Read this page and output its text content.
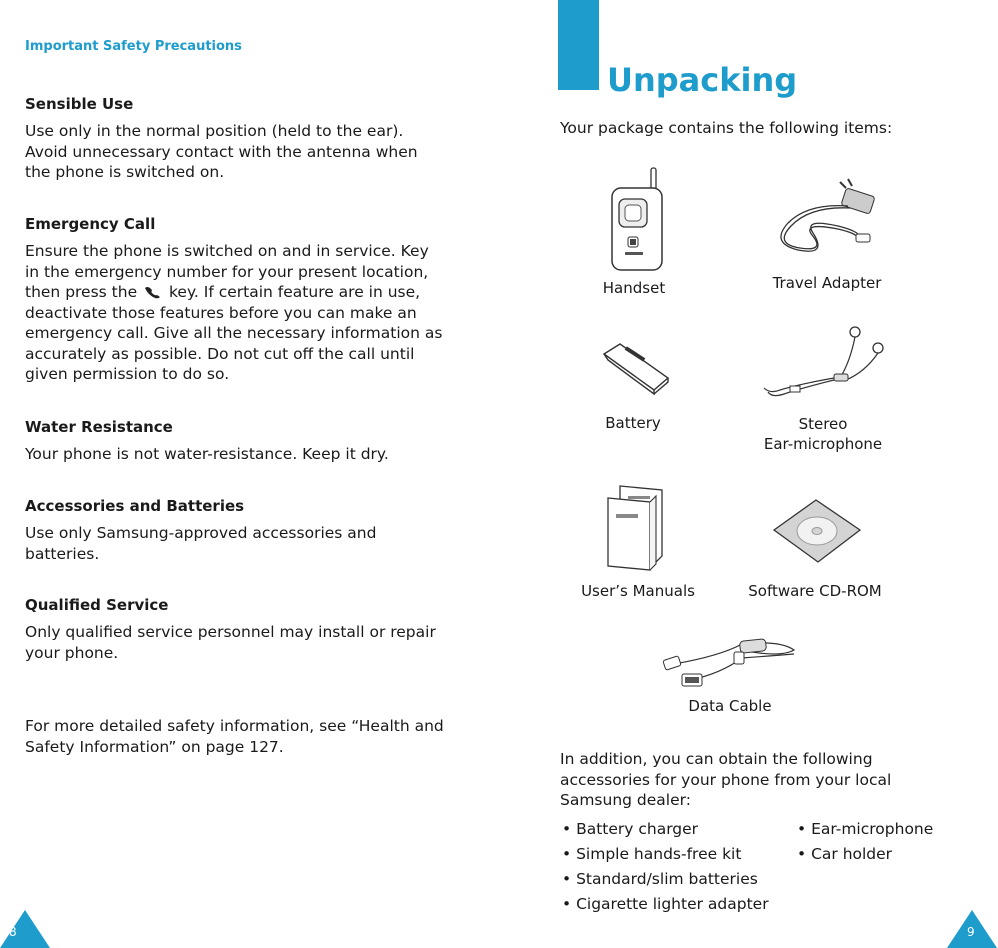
Important Safety Precautions

Sensible Use

Use only in the normal position (held to the ear). Avoid unnecessary contact with the antenna when the phone is switched on.

Emergency Call

Ensure the phone is switched on and in service. Key in the emergency number for your present location, then press the key. If certain feature are in use, deactivate those features before you can make an emergency call. Give all the necessary information as accurately as possible. Do not cut off the call until given permission to do so.

Water Resistance

Your phone is not water-resistance. Keep it dry.

Accessories and Batteries

Use only Samsung-approved accessories and batteries.

Qualified Service

Only qualified service personnel may install or repair your phone.

For more detailed safety information, see “Health and Safety Information” on page 127.

8
Unpacking
Your package contains the following items:
Handset	Travel Adapter
Battery	Stereo
Ear-microphone
User’s Manuals	Software CD-ROM
Data Cable
In addition, you can obtain the following accessories for your phone from your local Samsung dealer:
• Battery charger
• Simple hands-free kit
• Standard/slim batteries
• Cigarette lighter adapter
• Ear-microphone
• Car holder
9
